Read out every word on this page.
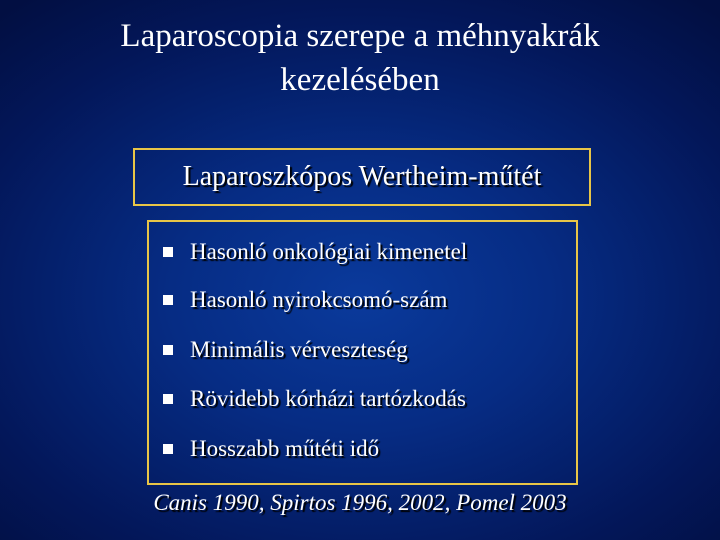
Laparoscopia szerepe a méhnyakrák
kezelésében
Laparoszkópos Wertheim-műtét
Hasonló onkológiai kimenetel
Hasonló nyirokcsomó-szám
Minimális vérveszteség
Rövidebb kórházi tartózkodás
Hosszabb műtéti idő
Canis 1990, Spirtos 1996, 2002, Pomel 2003
